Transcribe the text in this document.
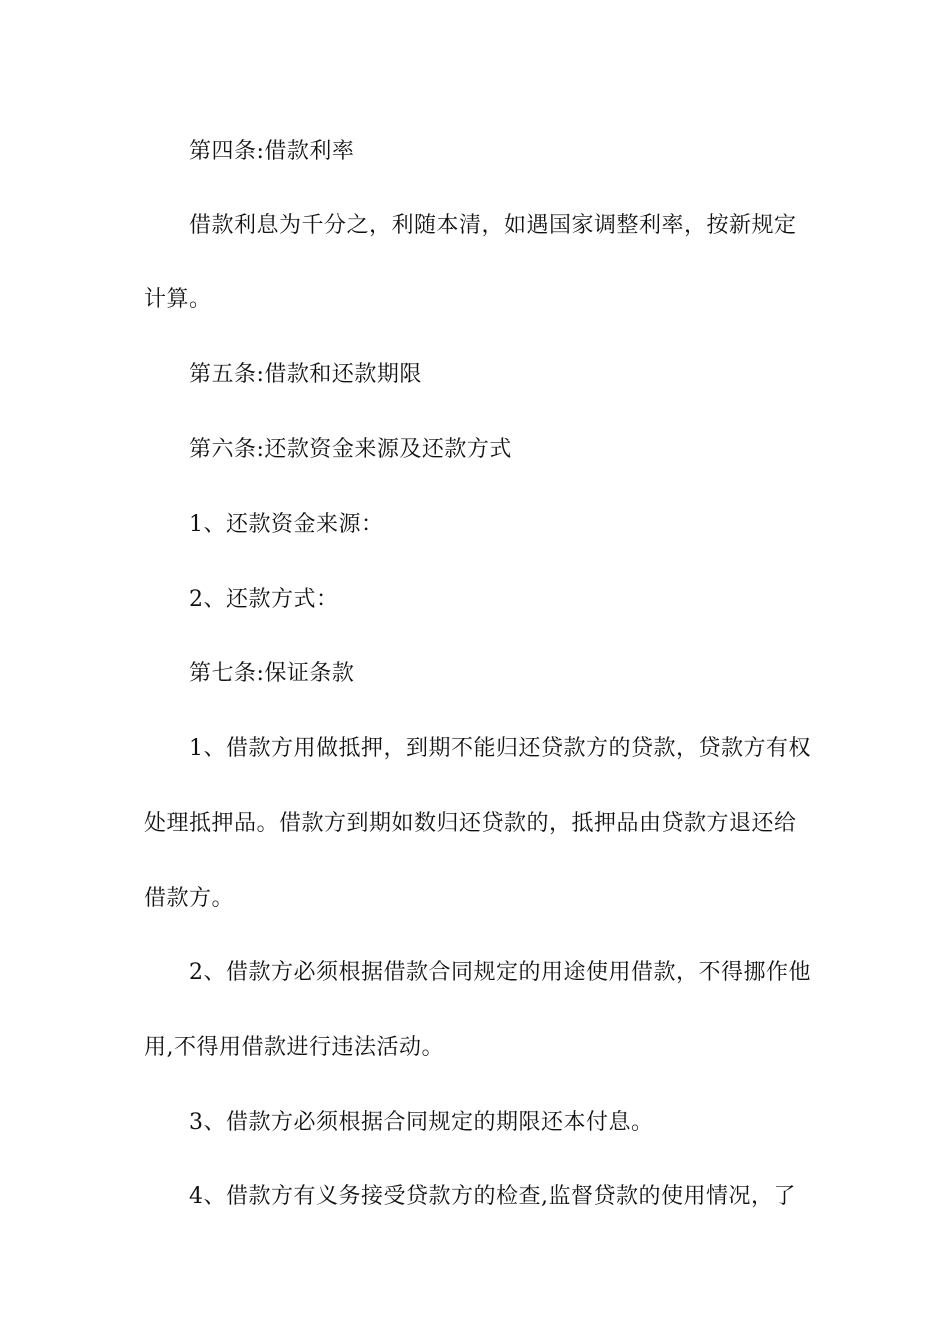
第四条:借款利率
借款利息为千分之，利随本清，如遇国家调整利率，按新规定
计算。
第五条:借款和还款期限
第六条:还款资金来源及还款方式
1、还款资金来源：
2、还款方式：
第七条:保证条款
1、借款方用做抵押，到期不能归还贷款方的贷款，贷款方有权
处理抵押品。借款方到期如数归还贷款的，抵押品由贷款方退还给
借款方。
2、借款方必须根据借款合同规定的用途使用借款，不得挪作他
用,不得用借款进行违法活动。
3、借款方必须根据合同规定的期限还本付息。
4、借款方有义务接受贷款方的检查,监督贷款的使用情况，了
